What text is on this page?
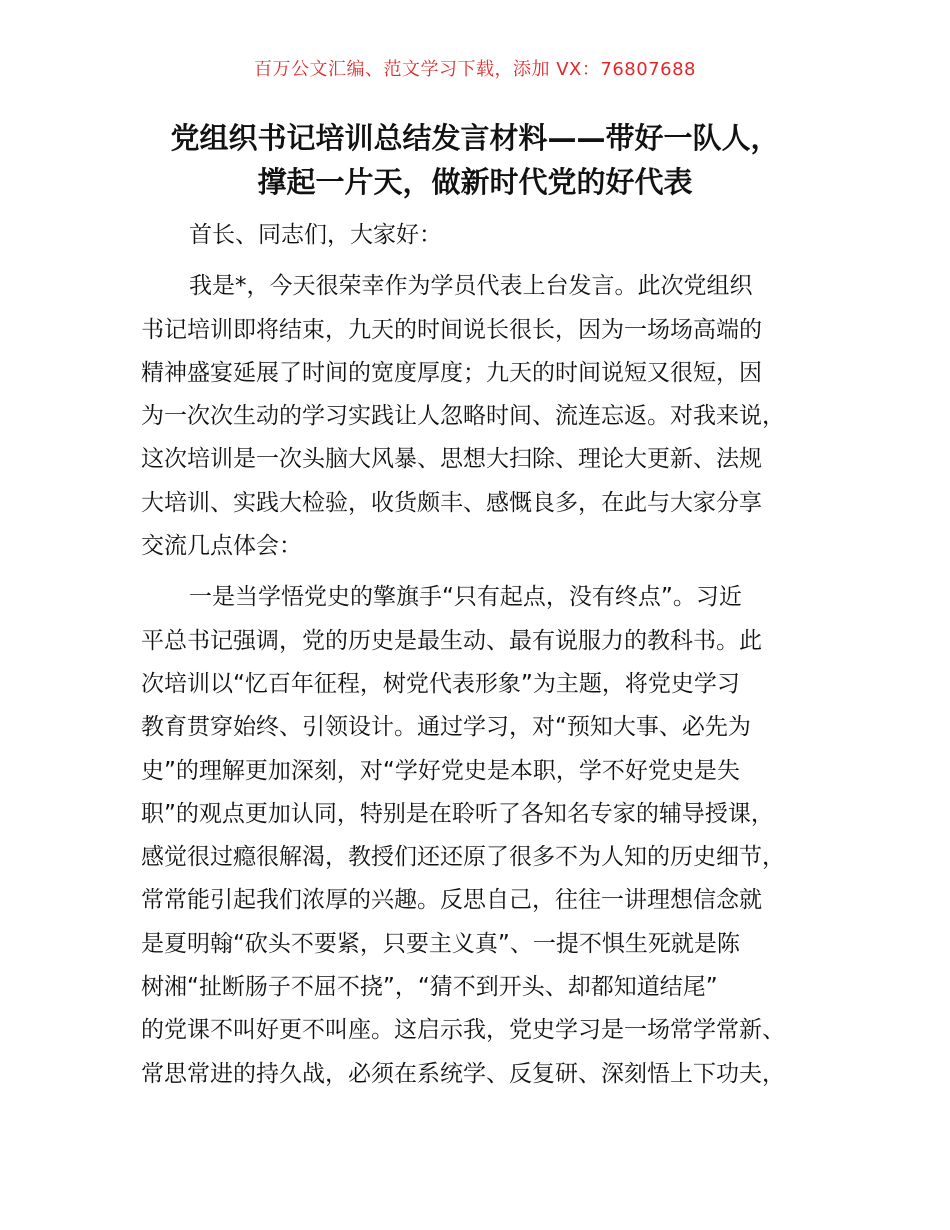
百万公文汇编、范文学习下载，添加 VX：76807688
党组织书记培训总结发言材料——带好一队人，
撑起一片天，做新时代党的好代表
首长、同志们，大家好：
我是*，今天很荣幸作为学员代表上台发言。此次党组织
书记培训即将结束，九天的时间说长很长，因为一场场高端的
精神盛宴延展了时间的宽度厚度；九天的时间说短又很短，因
为一次次生动的学习实践让人忽略时间、流连忘返。对我来说，
这次培训是一次头脑大风暴、思想大扫除、理论大更新、法规
大培训、实践大检验，收货颇丰、感慨良多，在此与大家分享
交流几点体会：
一是当学悟党史的擎旗手“只有起点，没有终点”。习近
平总书记强调，党的历史是最生动、最有说服力的教科书。此
次培训以“忆百年征程，树党代表形象”为主题，将党史学习
教育贯穿始终、引领设计。通过学习，对“预知大事、必先为
史”的理解更加深刻，对“学好党史是本职，学不好党史是失
职”的观点更加认同，特别是在聆听了各知名专家的辅导授课，
感觉很过瘾很解渴，教授们还还原了很多不为人知的历史细节，
常常能引起我们浓厚的兴趣。反思自己，往往一讲理想信念就
是夏明翰“砍头不要紧，只要主义真”、一提不惧生死就是陈
树湘“扯断肠子不屈不挠”，“猜不到开头、却都知道结尾”
的党课不叫好更不叫座。这启示我，党史学习是一场常学常新、
常思常进的持久战，必须在系统学、反复研、深刻悟上下功夫，
